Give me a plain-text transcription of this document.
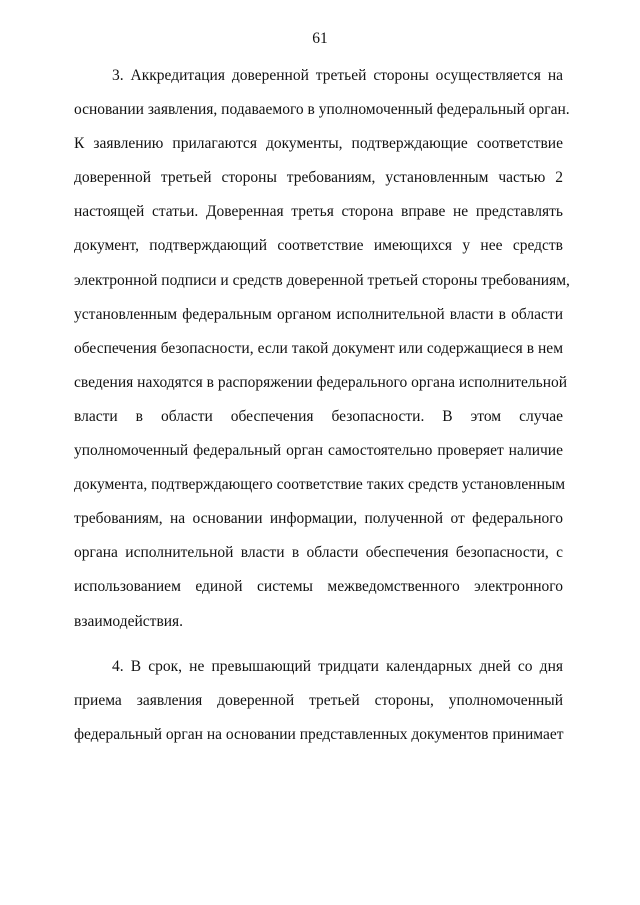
61
3. Аккредитация доверенной третьей стороны осуществляется на
основании заявления, подаваемого в уполномоченный федеральный орган.
К заявлению прилагаются документы, подтверждающие соответствие
доверенной третьей стороны требованиям, установленным частью 2
настоящей статьи. Доверенная третья сторона вправе не представлять
документ, подтверждающий соответствие имеющихся у нее средств
электронной подписи и средств доверенной третьей стороны требованиям,
установленным федеральным органом исполнительной власти в области
обеспечения безопасности, если такой документ или содержащиеся в нем
сведения находятся в распоряжении федерального органа исполнительной
власти в области обеспечения безопасности. В этом случае
уполномоченный федеральный орган самостоятельно проверяет наличие
документа, подтверждающего соответствие таких средств установленным
требованиям, на основании информации, полученной от федерального
органа исполнительной власти в области обеспечения безопасности, с
использованием единой системы межведомственного электронного
взаимодействия.
4. В срок, не превышающий тридцати календарных дней со дня
приема заявления доверенной третьей стороны, уполномоченный
федеральный орган на основании представленных документов принимает
